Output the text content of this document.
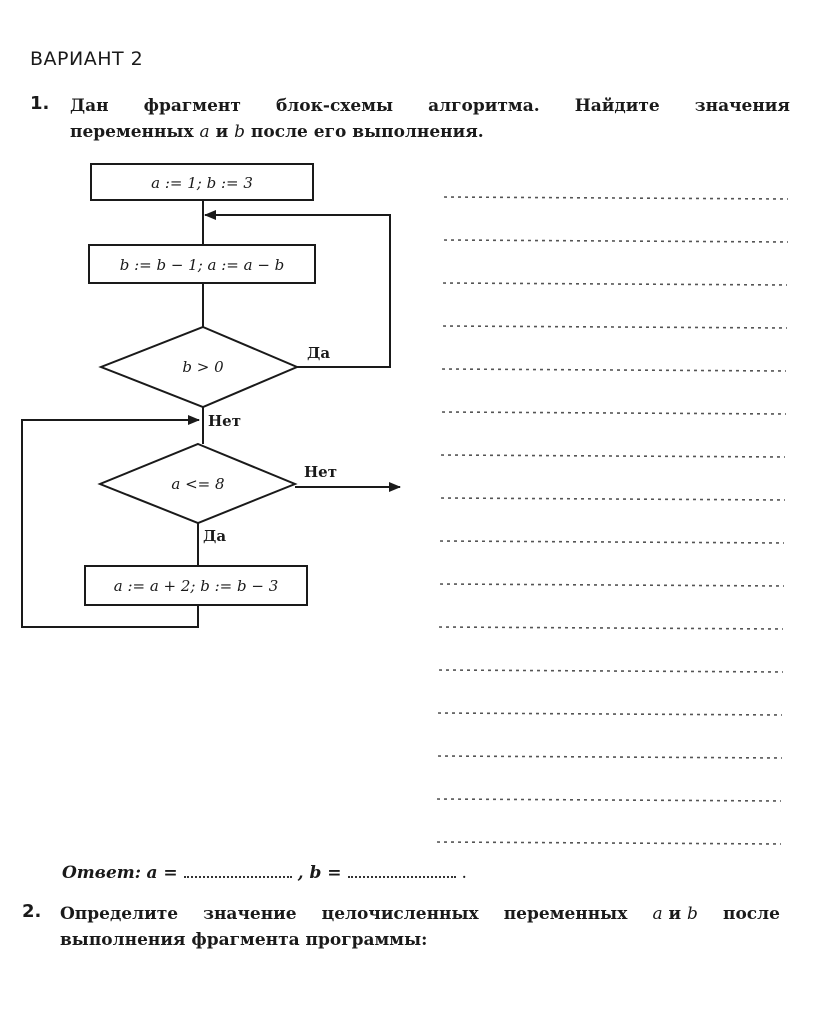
ВАРИАНТ 2
1. Дан фрагмент блок-схемы алгоритма. Найдите значения
переменных a и b после его выполнения.
a := 1; b := 3
b := b − 1; a := a − b
b > 0
a <= 8
a := a + 2; b := b − 3
Да
Нет
Нет
Да
Ответ: a =	, b =	.
2. Определите значение целочисленных переменных a и b после
выполнения фрагмента программы:
